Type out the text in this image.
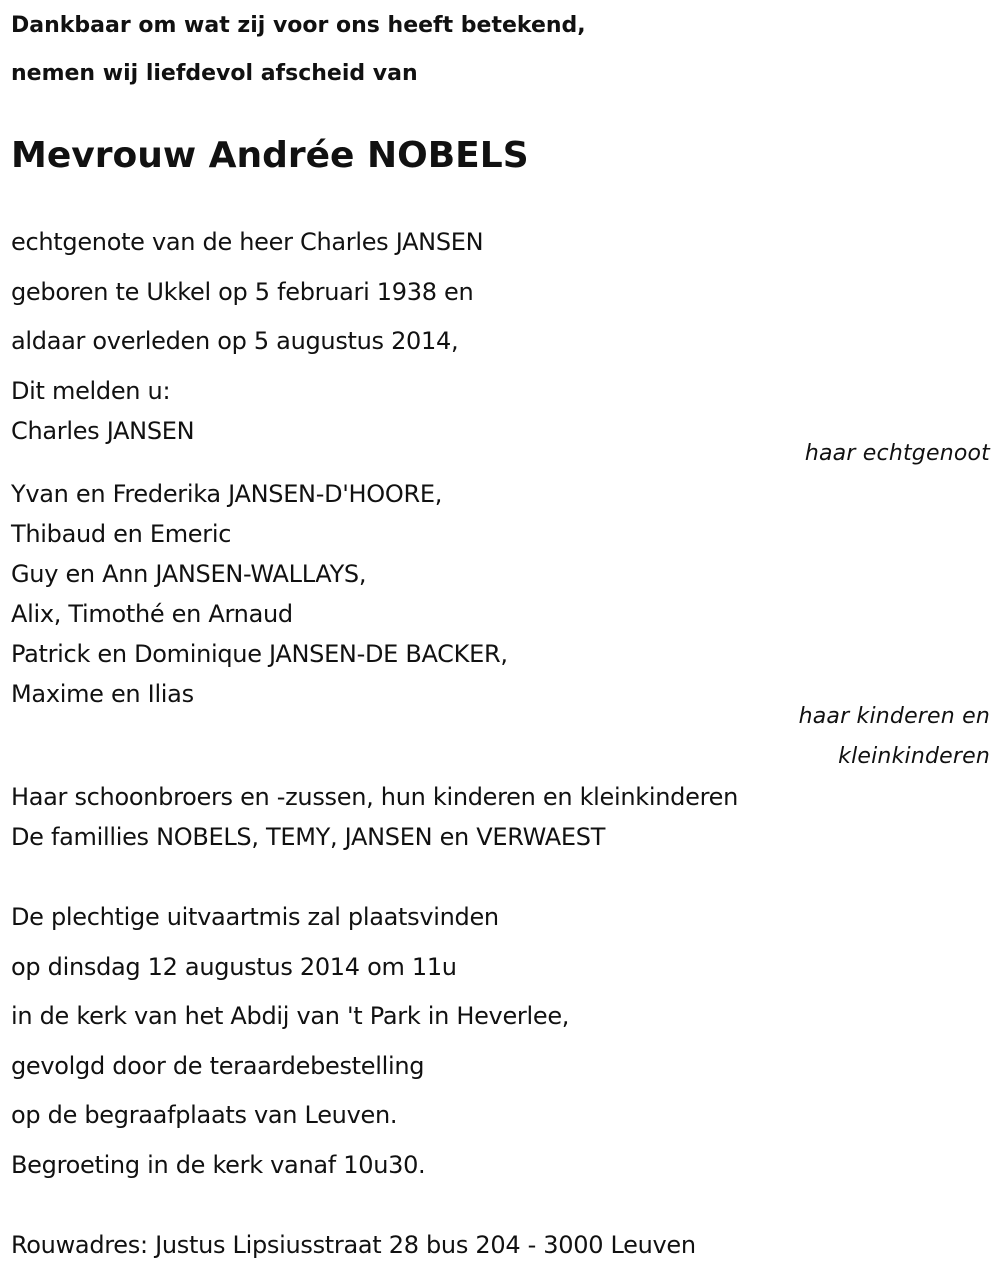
Dankbaar om wat zij voor ons heeft betekend,
nemen wij liefdevol afscheid van
Mevrouw Andrée NOBELS
echtgenote van de heer Charles JANSEN
geboren te Ukkel op 5 februari 1938 en
aldaar overleden op 5 augustus 2014,
Dit melden u:
Charles JANSEN
haar echtgenoot
Yvan en Frederika JANSEN-D'HOORE,
Thibaud en Emeric
Guy en Ann JANSEN-WALLAYS,
Alix, Timothé en Arnaud
Patrick en Dominique JANSEN-DE BACKER,
Maxime en Ilias
haar kinderen en
kleinkinderen
Haar schoonbroers en -zussen, hun kinderen en kleinkinderen
De famillies NOBELS, TEMY, JANSEN en VERWAEST
De plechtige uitvaartmis zal plaatsvinden
op dinsdag 12 augustus 2014 om 11u
in de kerk van het Abdij van 't Park in Heverlee,
gevolgd door de teraardebestelling
op de begraafplaats van Leuven.
Begroeting in de kerk vanaf 10u30.
Rouwadres: Justus Lipsiusstraat 28 bus 204 - 3000 Leuven
